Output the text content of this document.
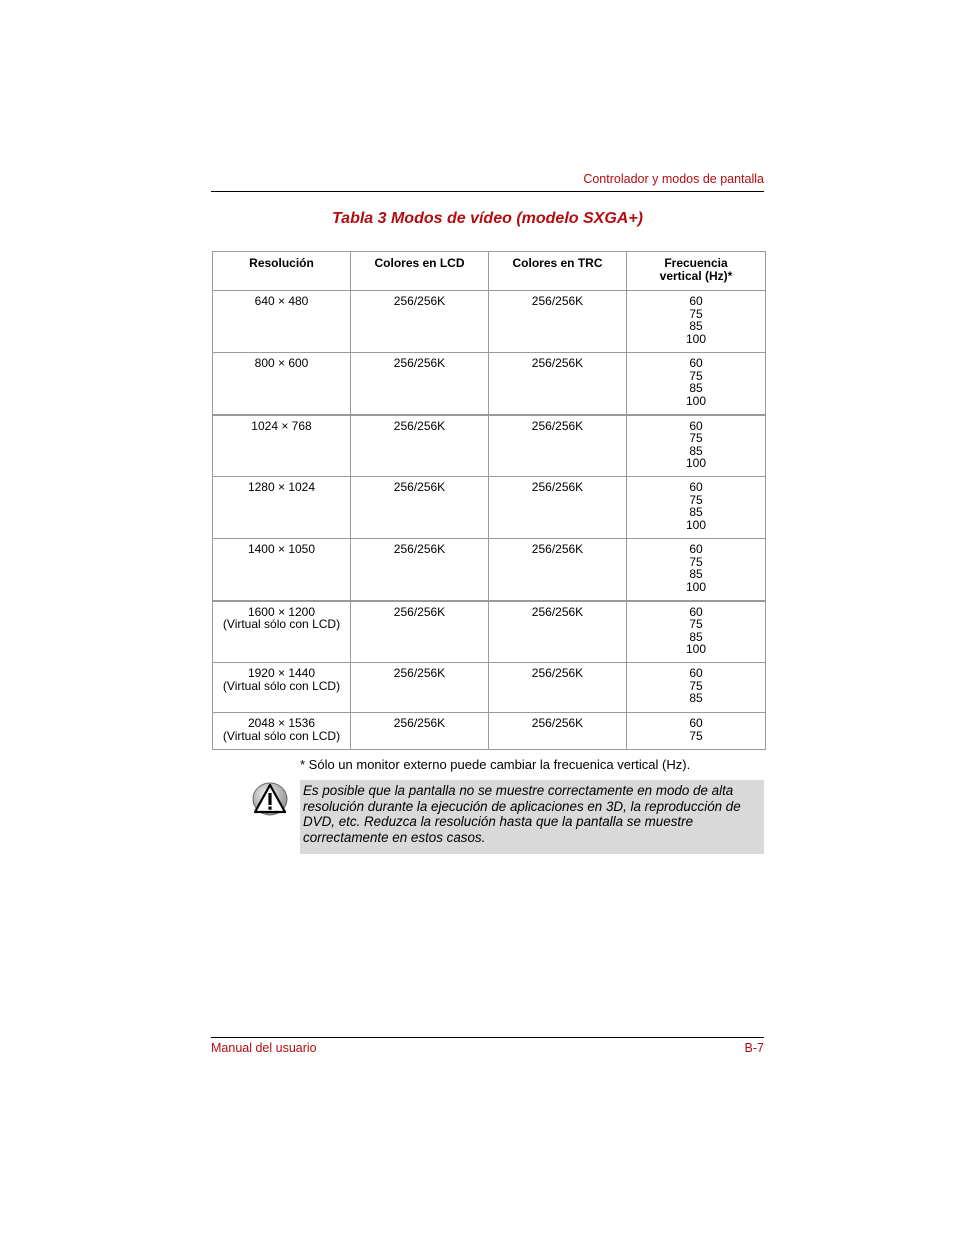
Controlador y modos de pantalla
Tabla 3 Modos de vídeo (modelo SXGA+)
Resolución	Colores en LCD	Colores en TRC	Frecuencia vertical (Hz)*

640 × 480	256/256K	256/256K	60
75
85
100

800 × 600	256/256K	256/256K	60
75
85
100

1024 × 768	256/256K	256/256K	60
75
85
100

1280 × 1024	256/256K	256/256K	60
75
85
100

1400 × 1050	256/256K	256/256K	60
75
85
100

1600 × 1200
(Virtual sólo con LCD)	256/256K	256/256K	60
75
85
100

1920 × 1440
(Virtual sólo con LCD)	256/256K	256/256K	60
75
85

2048 × 1536
(Virtual sólo con LCD)	256/256K	256/256K	60
75
* Sólo un monitor externo puede cambiar la frecuenica vertical (Hz).
Es posible que la pantalla no se muestre correctamente en modo de alta resolución durante la ejecución de aplicaciones en 3D, la reproducción de DVD, etc. Reduzca la resolución hasta que la pantalla se muestre correctamente en estos casos.
Manual del usuario	B-7
